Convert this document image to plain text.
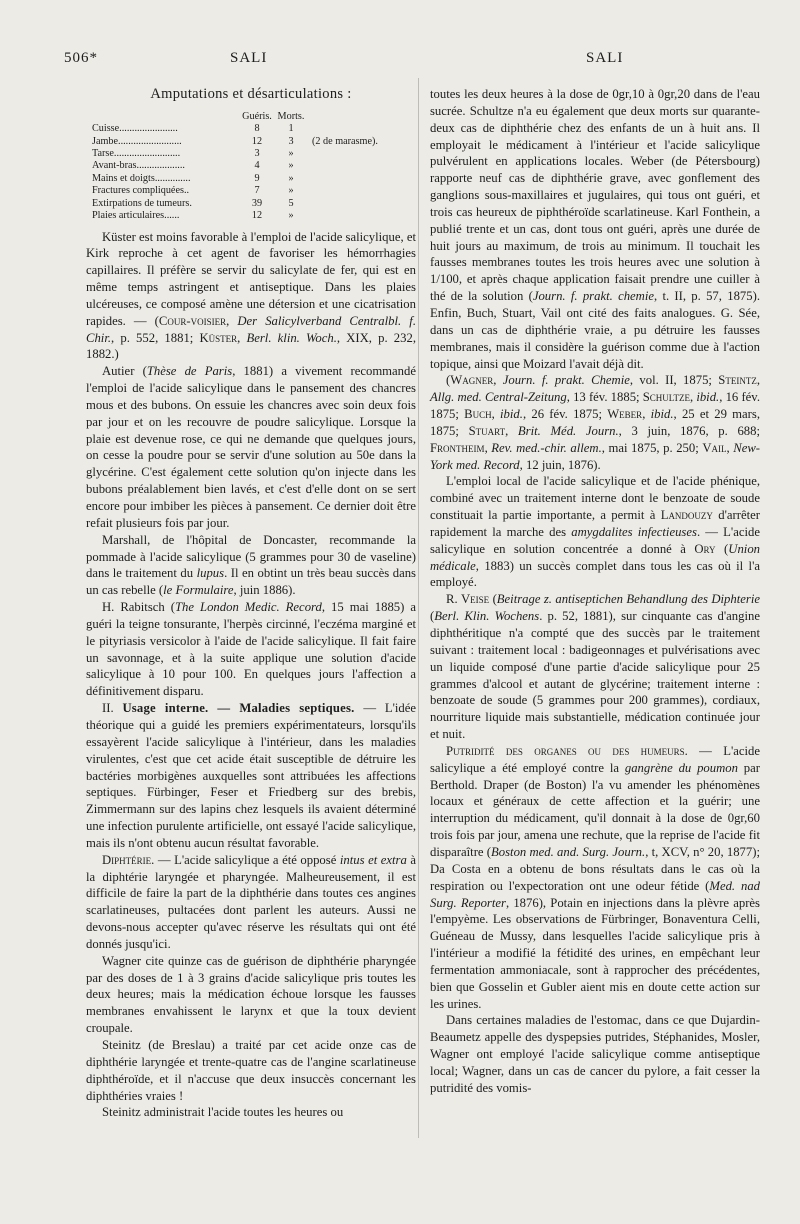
506*	SALI	SALI
Amputations et désarticulations :
	Guéris.	Morts.	
Cuisse.......................	8	1	
Jambe.........................	12	3	(2 de marasme).
Tarse..........................	3	»	
Avant-bras...................	4	»	
Mains et doigts..............	9	»	
Fractures compliquées..	7	»	
Extirpations de tumeurs.	39	5	
Plaies articulaires......	12	»	

Küster est moins favorable à l'emploi de l'acide salicylique, et Kirk reproche à cet agent de favoriser les hémorrhagies capillaires. Il préfère se servir du salicylate de fer, qui est en même temps astringent et antiseptique. Dans les plaies ulcéreuses, ce composé amène une détersion et une cicatrisation rapides. — (Cour-voisier, Der Salicylverband Centralbl. f. Chir., p. 552, 1881; Küster, Berl. klin. Woch., XIX, p. 232, 1882.)

Autier (Thèse de Paris, 1881) a vivement recommandé l'emploi de l'acide salicylique dans le pansement des chancres mous et des bubons. On essuie les chancres avec soin deux fois par jour et on les recouvre de poudre salicylique. Lorsque la plaie est devenue rose, ce qui ne demande que quelques jours, on cesse la poudre pour se servir d'une solution au 50e dans la glycérine. C'est également cette solution qu'on injecte dans les bubons préalablement bien lavés, et c'est d'elle dont on se sert encore pour imbiber les pièces à pansement. Ce dernier doit être refait plusieurs fois par jour.

Marshall, de l'hôpital de Doncaster, recommande la pommade à l'acide salicylique (5 grammes pour 30 de vaseline) dans le traitement du lupus. Il en obtint un très beau succès dans un cas rebelle (le Formulaire, juin 1886).

H. Rabitsch (The London Medic. Record, 15 mai 1885) a guéri la teigne tonsurante, l'herpès circinné, l'eczéma marginé et le pityriasis versicolor à l'aide de l'acide salicylique. Il fait faire un savonnage, et à la suite applique une solution d'acide salicylique à 10 pour 100. En quelques jours l'affection a définitivement disparu.

II. Usage interne. — Maladies septiques. — L'idée théorique qui a guidé les premiers expérimentateurs, lorsqu'ils essayèrent l'acide salicylique à l'intérieur, dans les maladies virulentes, c'est que cet acide était susceptible de détruire les bactéries morbigènes auxquelles sont attribuées les affections septiques. Fürbinger, Feser et Friedberg sur des brebis, Zimmermann sur des lapins chez lesquels ils avaient déterminé une infection purulente artificielle, ont essayé l'acide salicylique, mais ils n'ont obtenu aucun résultat favorable.

Diphtérie. — L'acide salicylique a été opposé intus et extra à la diphtérie laryngée et pharyngée. Malheureusement, il est difficile de faire la part de la diphthérie dans toutes ces angines scarlatineuses, pultacées dont parlent les auteurs. Aussi ne devons-nous accepter qu'avec réserve les résultats qui ont été donnés jusqu'ici.

Wagner cite quinze cas de guérison de diphthérie pharyngée par des doses de 1 à 3 grains d'acide salicylique pris toutes les deux heures; mais la médication échoue lorsque les fausses membranes envahissent le larynx et que la toux devient croupale.

Steinitz (de Breslau) a traité par cet acide onze cas de diphthérie laryngée et trente-quatre cas de l'angine scarlatineuse diphthéroïde, et il n'accuse que deux insuccès concernant les diphthéries vraies !

Steinitz administrait l'acide toutes les heures ou

toutes les deux heures à la dose de 0gr,10 à 0gr,20 dans de l'eau sucrée. Schultze n'a eu également que deux morts sur quarante-deux cas de diphthérie chez des enfants de un à huit ans. Il employait le médicament à l'intérieur et l'acide salicylique pulvérulent en applications locales. Weber (de Pétersbourg) rapporte neuf cas de diphthérie grave, avec gonflement des ganglions sous-maxillaires et jugulaires, qui tous ont guéri, et trois cas heureux de piphthéroïde scarlatineuse. Karl Fonthein, a publié trente et un cas, dont tous ont guéri, après une durée de huit jours au maximum, de trois au minimum. Il touchait les fausses membranes toutes les trois heures avec une solution à 1/100, et après chaque application faisait prendre une cuiller à thé de la solution (Journ. f. prakt. chemie, t. II, p. 57, 1875). Enfin, Buch, Stuart, Vail ont cité des faits analogues. G. Sée, dans un cas de diphthérie vraie, a pu détruire les fausses membranes, mais il considère la guérison comme due à l'action topique, ainsi que Moizard l'avait déjà dit.

(Wagner, Journ. f. prakt. Chemie, vol. II, 1875; Steintz, Allg. med. Central-Zeitung, 13 fév. 1885; Schultze, ibid., 16 fév. 1875; Buch, ibid., 26 fév. 1875; Weber, ibid., 25 et 29 mars, 1875; Stuart, Brit. Méd. Journ., 3 juin, 1876, p. 688; Frontheim, Rev. med.-chir. allem., mai 1875, p. 250; Vail, New-York med. Record, 12 juin, 1876).

L'emploi local de l'acide salicylique et de l'acide phénique, combiné avec un traitement interne dont le benzoate de soude constituait la partie importante, a permit à Landouzy d'arrêter rapidement la marche des amygdalites infectieuses. — L'acide salicylique en solution concentrée a donné à Ory (Union médicale, 1883) un succès complet dans tous les cas où il l'a employé.

R. Veise (Beitrage z. antiseptichen Behandlung des Diphterie (Berl. Klin. Wochens. p. 52, 1881), sur cinquante cas d'angine diphthéritique n'a compté que des succès par le traitement suivant : traitement local : badigeonnages et pulvérisations avec un liquide composé d'une partie d'acide salicylique pour 25 grammes d'alcool et autant de glycérine; traitement interne : benzoate de soude (5 grammes pour 200 grammes), cordiaux, nourriture liquide mais substantielle, médication continuée jour et nuit.

Putridité des organes ou des humeurs. — L'acide salicylique a été employé contre la gangrène du poumon par Berthold. Draper (de Boston) l'a vu amender les phénomènes locaux et généraux de cette affection et la guérir; une interruption du médicament, qu'il donnait à la dose de 0gr,60 trois fois par jour, amena une rechute, que la reprise de l'acide fit disparaître (Boston med. and. Surg. Journ., t, XCV, n° 20, 1877); Da Costa en a obtenu de bons résultats dans le cas où la respiration ou l'expectoration ont une odeur fétide (Med. nad Surg. Reporter, 1876), Potain en injections dans la plèvre après l'empyème. Les observations de Fürbringer, Bonaventura Celli, Guéneau de Mussy, dans lesquelles l'acide salicylique pris à l'intérieur a modifié la fétidité des urines, en empêchant leur fermentation ammoniacale, sont à rapprocher des précédentes, bien que Gosselin et Gubler aient mis en doute cette action sur les urines.

Dans certaines maladies de l'estomac, dans ce que Dujardin-Beaumetz appelle des dyspepsies putrides, Stéphanides, Mosler, Wagner ont employé l'acide salicylique comme antiseptique local; Wagner, dans un cas de cancer du pylore, a fait cesser la putridité des vomis-
